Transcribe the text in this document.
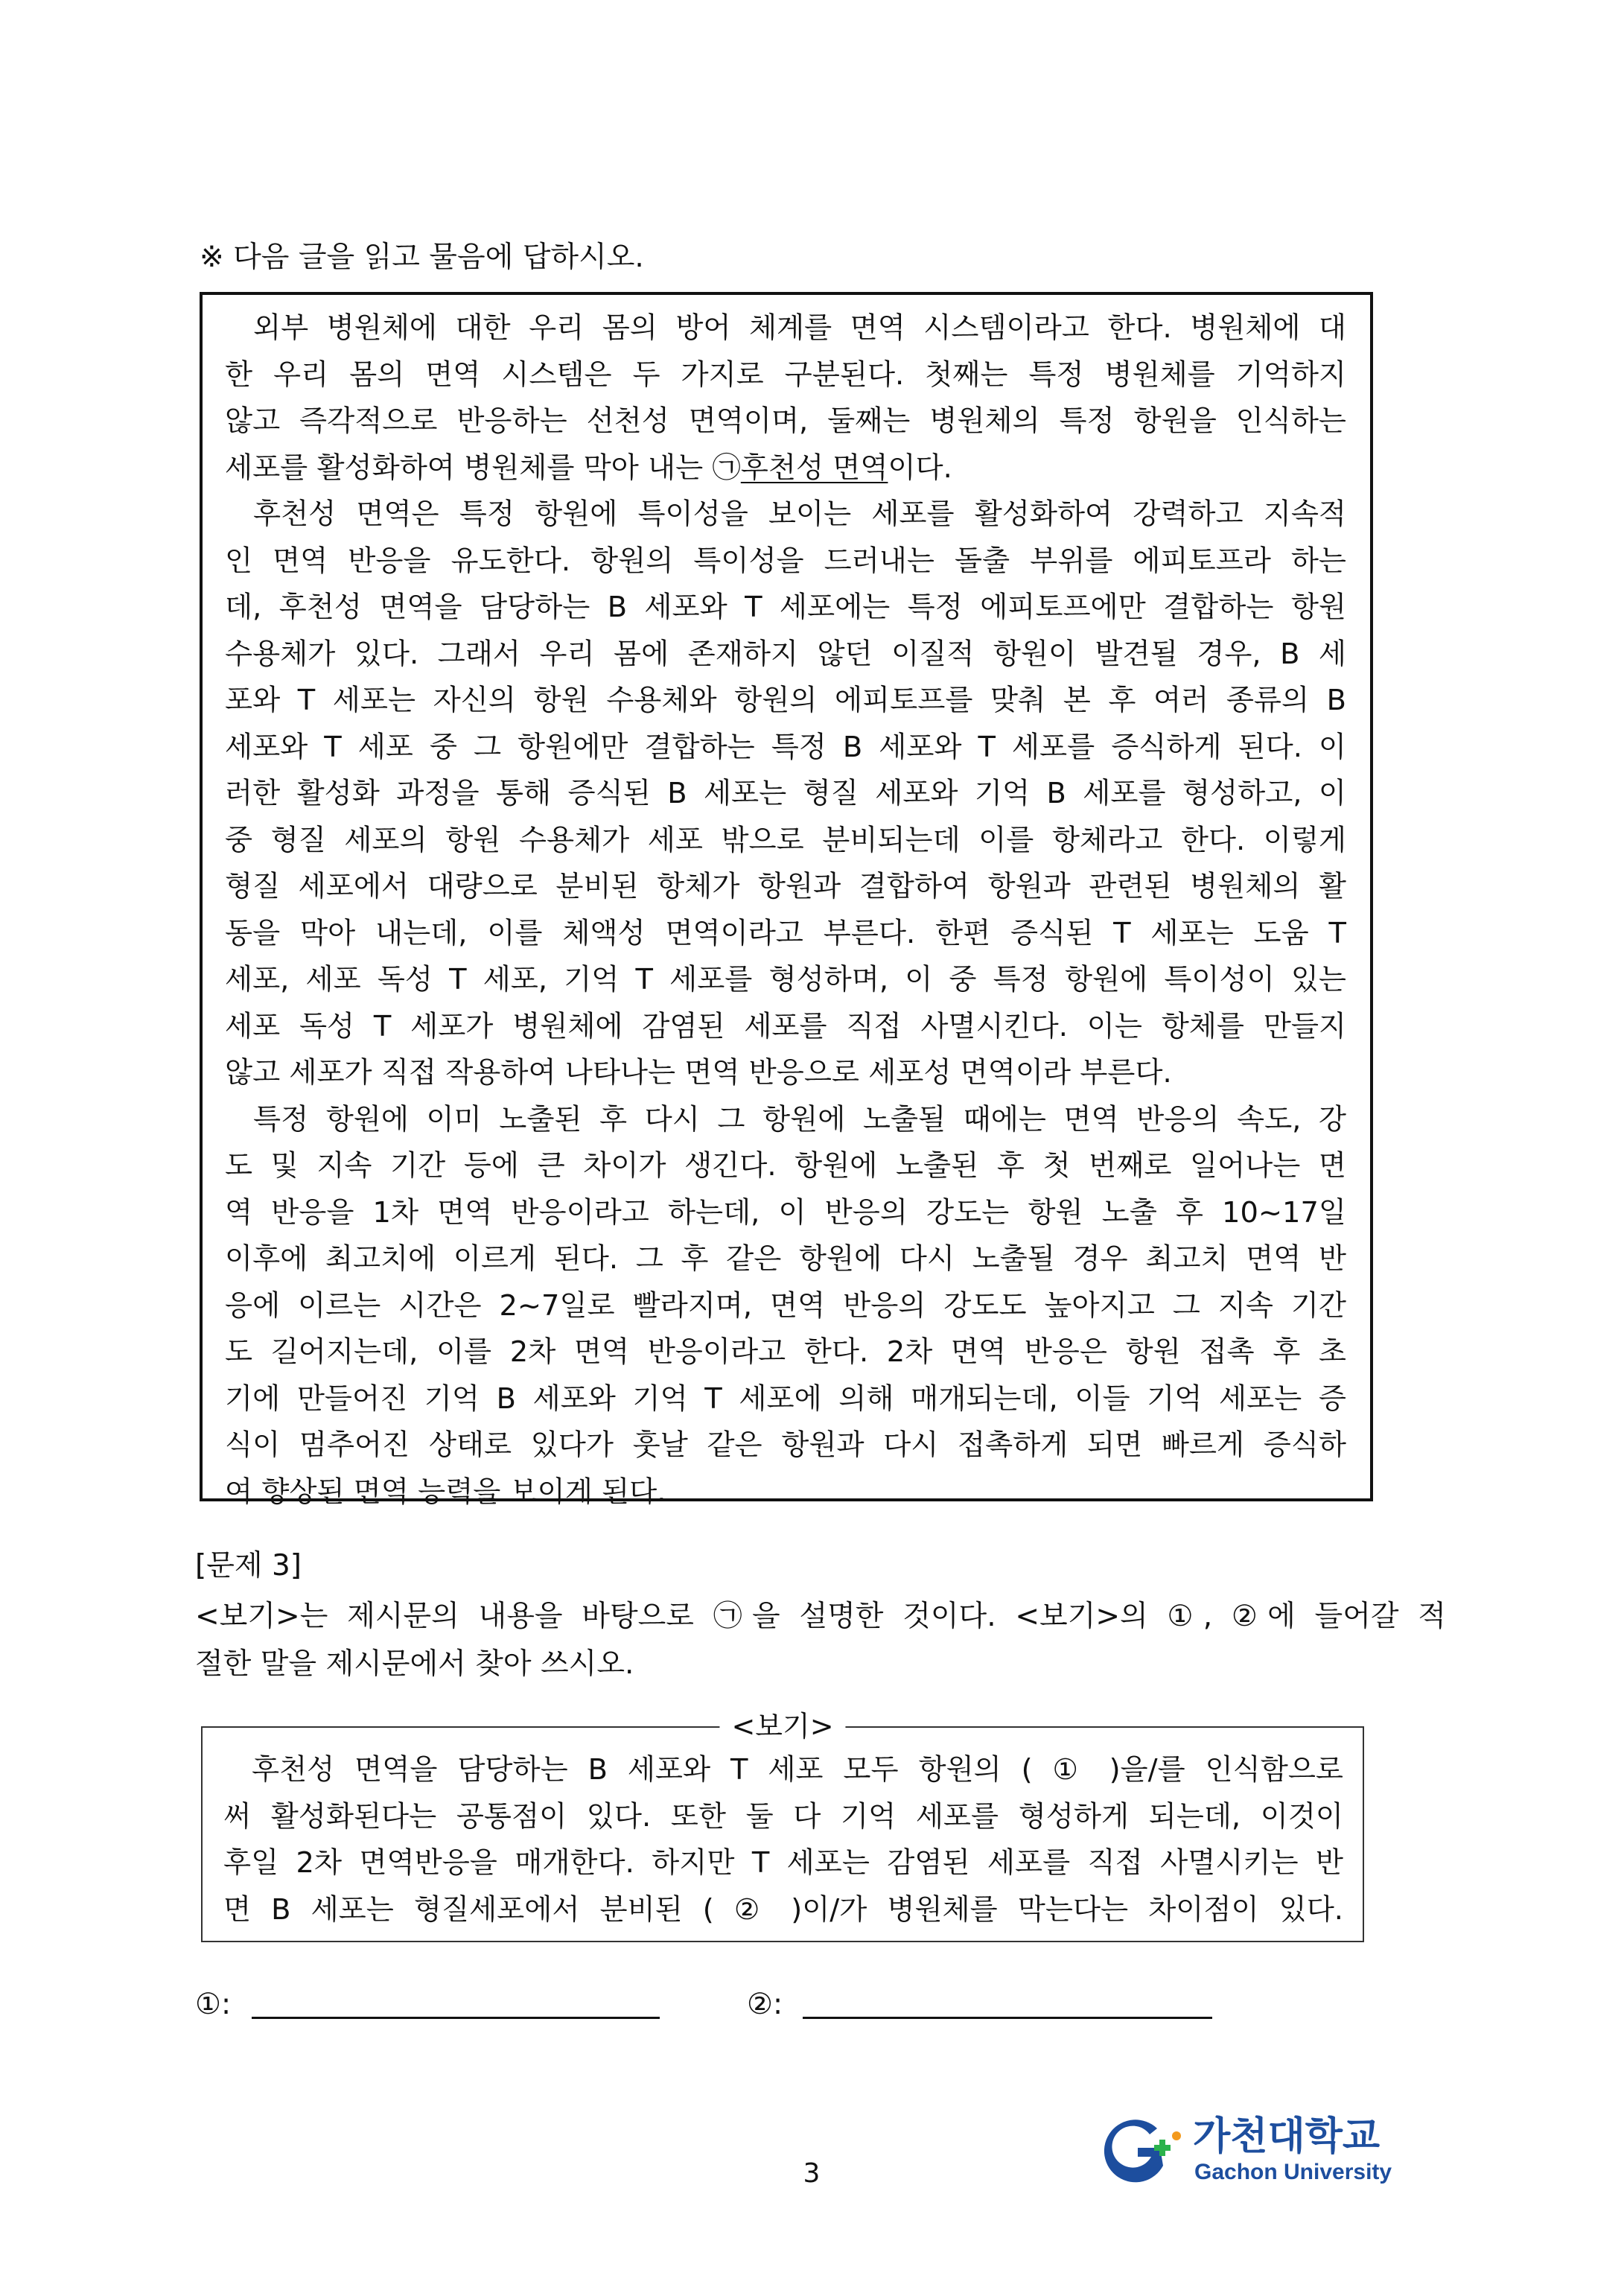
※ 다음 글을 읽고 물음에 답하시오.
외부 병원체에 대한 우리 몸의 방어 체계를 면역 시스템이라고 한다. 병원체에 대
한 우리 몸의 면역 시스템은 두 가지로 구분된다. 첫째는 특정 병원체를 기억하지
않고 즉각적으로 반응하는 선천성 면역이며, 둘째는 병원체의 특정 항원을 인식하는
세포를 활성화하여 병원체를 막아 내는 ㉠후천성 면역이다.
후천성 면역은 특정 항원에 특이성을 보이는 세포를 활성화하여 강력하고 지속적
인 면역 반응을 유도한다. 항원의 특이성을 드러내는 돌출 부위를 에피토프라 하는
데, 후천성 면역을 담당하는 B 세포와 T 세포에는 특정 에피토프에만 결합하는 항원
수용체가 있다. 그래서 우리 몸에 존재하지 않던 이질적 항원이 발견될 경우, B 세
포와 T 세포는 자신의 항원 수용체와 항원의 에피토프를 맞춰 본 후 여러 종류의 B
세포와 T 세포 중 그 항원에만 결합하는 특정 B 세포와 T 세포를 증식하게 된다. 이
러한 활성화 과정을 통해 증식된 B 세포는 형질 세포와 기억 B 세포를 형성하고, 이
중 형질 세포의 항원 수용체가 세포 밖으로 분비되는데 이를 항체라고 한다. 이렇게
형질 세포에서 대량으로 분비된 항체가 항원과 결합하여 항원과 관련된 병원체의 활
동을 막아 내는데, 이를 체액성 면역이라고 부른다. 한편 증식된 T 세포는 도움 T
세포, 세포 독성 T 세포, 기억 T 세포를 형성하며, 이 중 특정 항원에 특이성이 있는
세포 독성 T 세포가 병원체에 감염된 세포를 직접 사멸시킨다. 이는 항체를 만들지
않고 세포가 직접 작용하여 나타나는 면역 반응으로 세포성 면역이라 부른다.
특정 항원에 이미 노출된 후 다시 그 항원에 노출될 때에는 면역 반응의 속도, 강
도 및 지속 기간 등에 큰 차이가 생긴다. 항원에 노출된 후 첫 번째로 일어나는 면
역 반응을 1차 면역 반응이라고 하는데, 이 반응의 강도는 항원 노출 후 10~17일
이후에 최고치에 이르게 된다. 그 후 같은 항원에 다시 노출될 경우 최고치 면역 반
응에 이르는 시간은 2~7일로 빨라지며, 면역 반응의 강도도 높아지고 그 지속 기간
도 길어지는데, 이를 2차 면역 반응이라고 한다. 2차 면역 반응은 항원 접촉 후 초
기에 만들어진 기억 B 세포와 기억 T 세포에 의해 매개되는데, 이들 기억 세포는 증
식이 멈추어진 상태로 있다가 훗날 같은 항원과 다시 접촉하게 되면 빠르게 증식하
여 향상된 면역 능력을 보이게 된다.
[문제 3]
<보기>는 제시문의 내용을 바탕으로 ㉠을 설명한 것이다. <보기>의 ①, ②에 들어갈 적
절한 말을 제시문에서 찾아 쓰시오.
<보기>
후천성 면역을 담당하는 B 세포와 T 세포 모두 항원의 ( ① )을/를 인식함으로
써 활성화된다는 공통점이 있다. 또한 둘 다 기억 세포를 형성하게 되는데, 이것이
후일 2차 면역반응을 매개한다. 하지만 T 세포는 감염된 세포를 직접 사멸시키는 반
면 B 세포는 형질세포에서 분비된 ( ② )이/가 병원체를 막는다는 차이점이 있다.
①:	②:
3
가천대학교
Gachon University
